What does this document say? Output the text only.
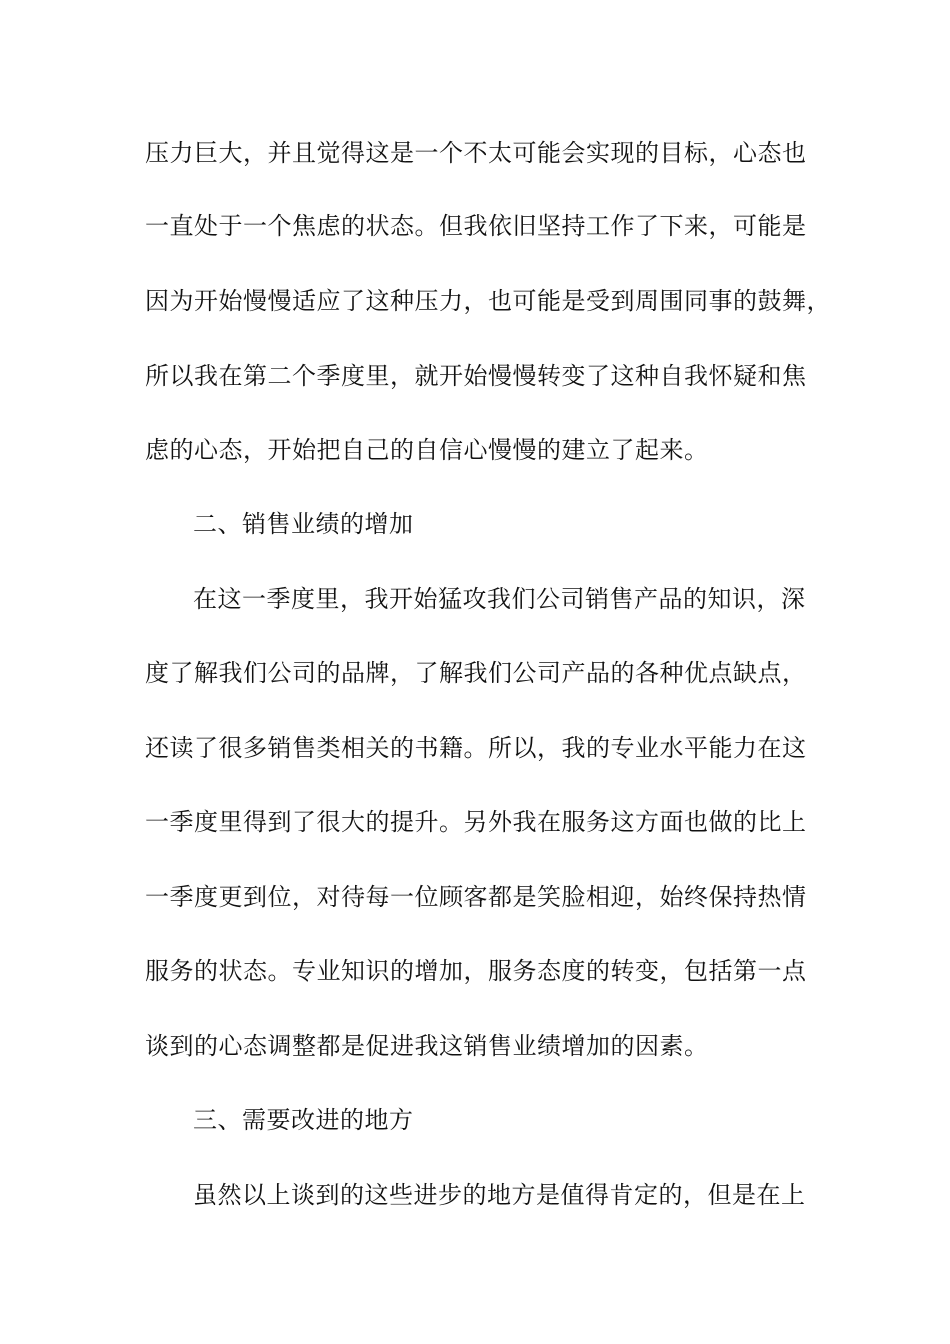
压力巨大，并且觉得这是一个不太可能会实现的目标，心态也
一直处于一个焦虑的状态。但我依旧坚持工作了下来，可能是
因为开始慢慢适应了这种压力，也可能是受到周围同事的鼓舞，
所以我在第二个季度里，就开始慢慢转变了这种自我怀疑和焦
虑的心态，开始把自己的自信心慢慢的建立了起来。
二、销售业绩的增加
在这一季度里，我开始猛攻我们公司销售产品的知识，深
度了解我们公司的品牌，了解我们公司产品的各种优点缺点，
还读了很多销售类相关的书籍。所以，我的专业水平能力在这
一季度里得到了很大的提升。另外我在服务这方面也做的比上
一季度更到位，对待每一位顾客都是笑脸相迎，始终保持热情
服务的状态。专业知识的增加，服务态度的转变，包括第一点
谈到的心态调整都是促进我这销售业绩增加的因素。
三、需要改进的地方
虽然以上谈到的这些进步的地方是值得肯定的，但是在上
